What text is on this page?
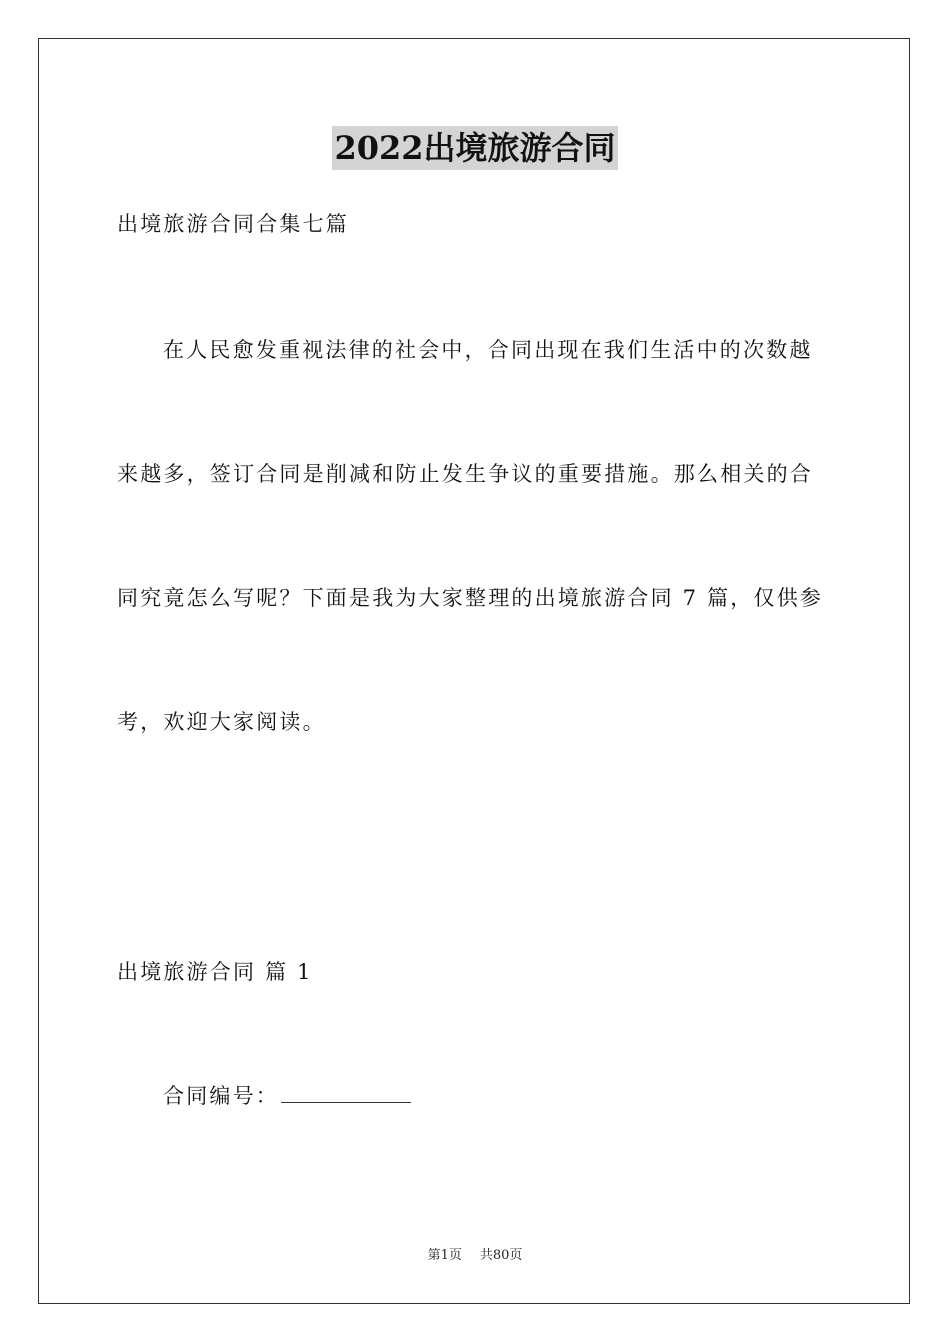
2022出境旅游合同
出境旅游合同合集七篇
在人民愈发重视法律的社会中，合同出现在我们生活中的次数越
来越多，签订合同是削减和防止发生争议的重要措施。那么相关的合
同究竟怎么写呢？下面是我为大家整理的出境旅游合同 7 篇，仅供参
考，欢迎大家阅读。
出境旅游合同 篇 1
合同编号：
第1页 共80页
